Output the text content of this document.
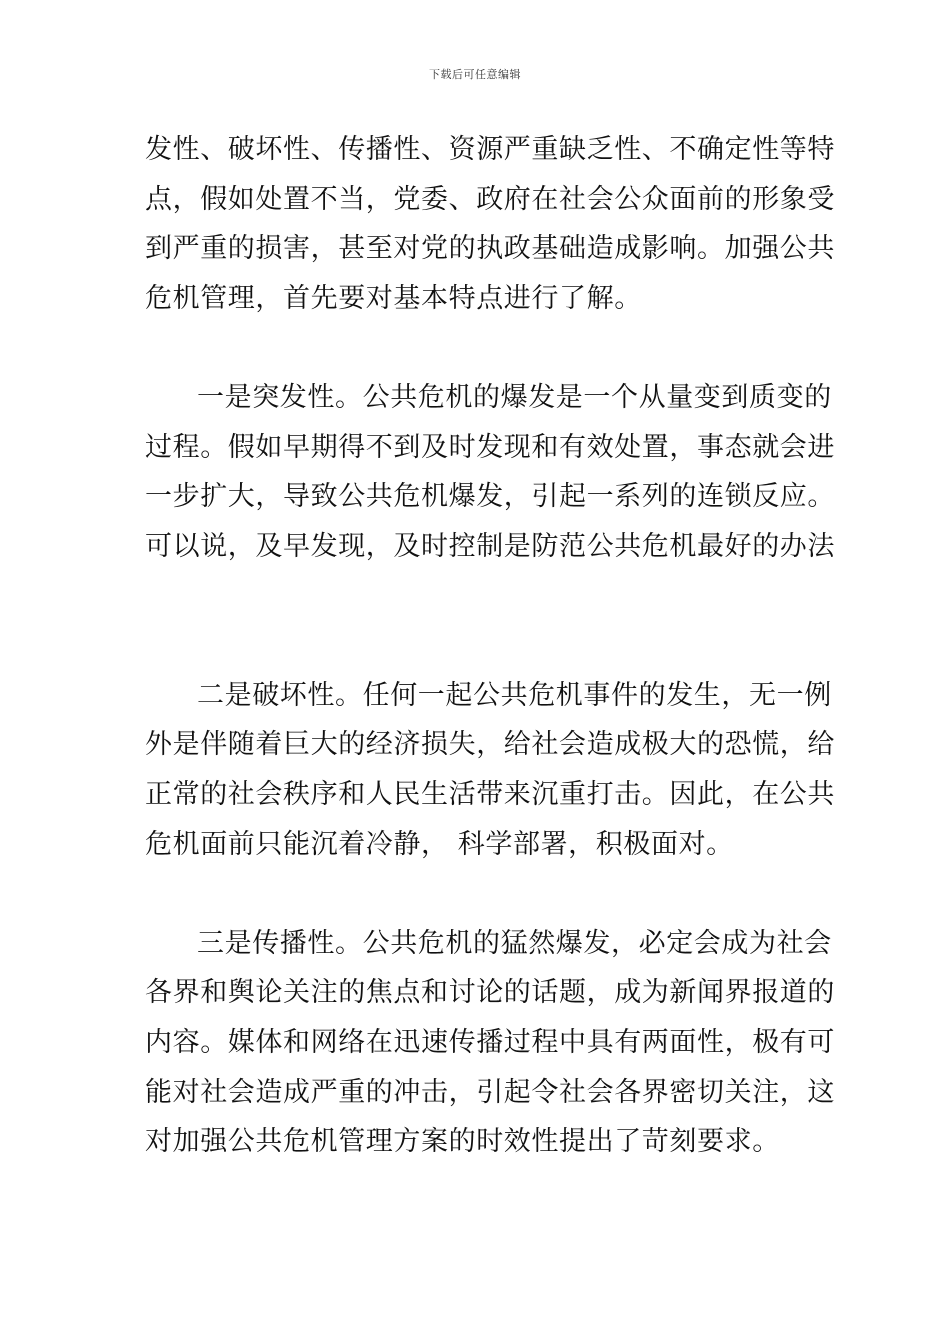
下载后可任意编辑
发性、破坏性、传播性、资源严重缺乏性、不确定性等特
点，假如处置不当，党委、政府在社会公众面前的形象受
到严重的损害，甚至对党的执政基础造成影响。加强公共
危机管理，首先要对基本特点进行了解。
一是突发性。公共危机的爆发是一个从量变到质变的
过程。假如早期得不到及时发现和有效处置，事态就会进
一步扩大，导致公共危机爆发，引起一系列的连锁反应。
可以说，及早发现，及时控制是防范公共危机最好的办法
二是破坏性。任何一起公共危机事件的发生，无一例
外是伴随着巨大的经济损失，给社会造成极大的恐慌，给
正常的社会秩序和人民生活带来沉重打击。因此，在公共
危机面前只能沉着冷静， 科学部署，积极面对。
三是传播性。公共危机的猛然爆发，必定会成为社会
各界和舆论关注的焦点和讨论的话题，成为新闻界报道的
内容。媒体和网络在迅速传播过程中具有两面性，极有可
能对社会造成严重的冲击，引起令社会各界密切关注，这
对加强公共危机管理方案的时效性提出了苛刻要求。
